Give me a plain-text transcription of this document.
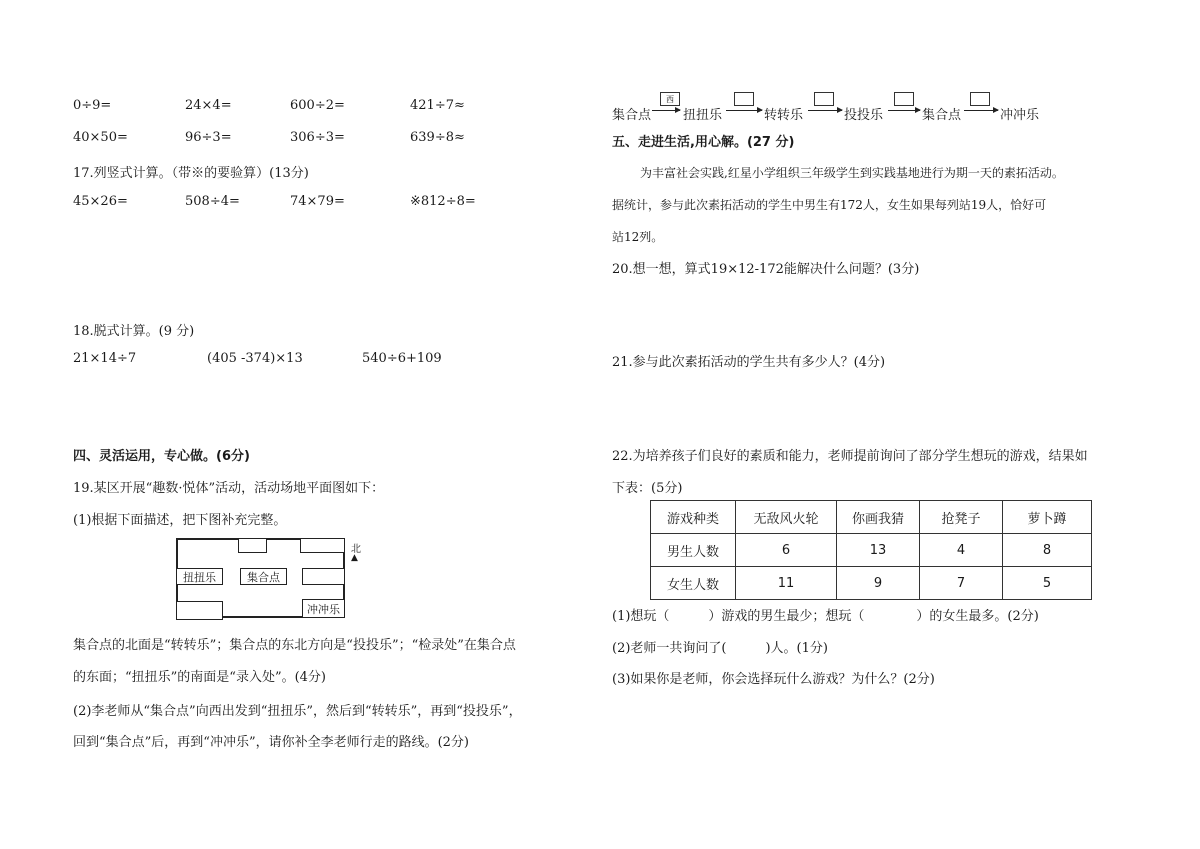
0÷9=	24×4=	600÷2=	421÷7≈
40×50=	96÷3=	306÷3=	639÷8≈
17.列竖式计算。（带※的要验算）(13分)
45×26=	508÷4=	74×79=	※812÷8=
18.脱式计算。(9 分)
21×14÷7	(405 -374)×13	540÷6+109
四、灵活运用，专心做。(6分)
19.某区开展“趣数·悦体”活动，活动场地平面图如下：
(1)根据下面描述，把下图补充完整。
扭扭乐	集合点
冲冲乐
北
▲
集合点的北面是“转转乐”；集合点的东北方向是“投投乐”；“检录处”在集合点
的东面；“扭扭乐”的南面是“录入处”。(4分)
(2)李老师从“集合点”向西出发到“扭扭乐”，然后到“转转乐”，再到“投投乐”，
回到“集合点”后，再到“冲冲乐”，请你补全李老师行走的路线。(2分)
集合点
西
扭扭乐	转转乐	投投乐	集合点	冲冲乐
五、走进生活,用心解。(27 分)
为丰富社会实践,红星小学组织三年级学生到实践基地进行为期一天的素拓活动。
据统计，参与此次素拓活动的学生中男生有172人，女生如果每列站19人，恰好可
站12列。
20.想一想，算式19×12-172能解决什么问题？(3分)
21.参与此次素拓活动的学生共有多少人？(4分)
22.为培养孩子们良好的素质和能力，老师提前询问了部分学生想玩的游戏，结果如
下表：(5分)
游戏种类	无敌风火轮	你画我猜	抢凳子	萝卜蹲
男生人数	6	13	4	8
女生人数	11	9	7	5
(1)想玩（　　　）游戏的男生最少；想玩（　　　　）的女生最多。(2分)
(2)老师一共询问了(　　　)人。(1分)
(3)如果你是老师，你会选择玩什么游戏？为什么？(2分)
